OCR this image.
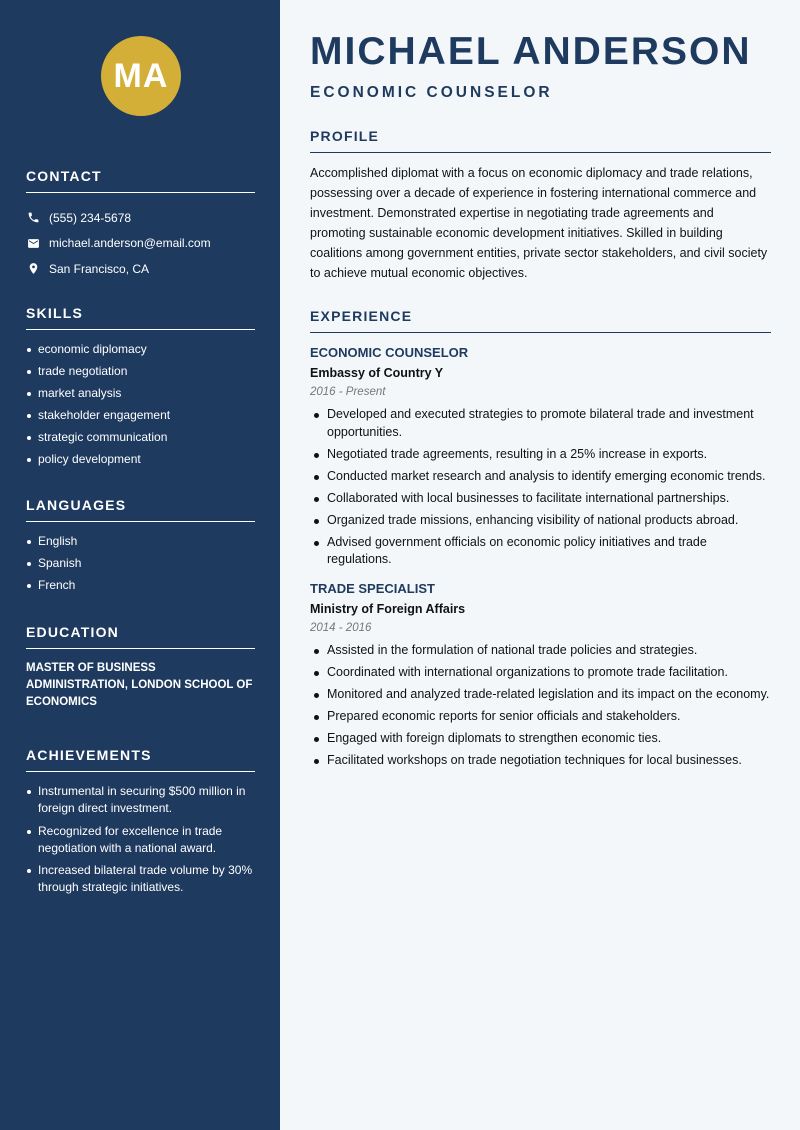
MA
CONTACT
(555) 234-5678
michael.anderson@email.com
San Francisco, CA
SKILLS
economic diplomacy
trade negotiation
market analysis
stakeholder engagement
strategic communication
policy development
LANGUAGES
English
Spanish
French
EDUCATION
MASTER OF BUSINESS ADMINISTRATION, LONDON SCHOOL OF ECONOMICS
ACHIEVEMENTS
Instrumental in securing $500 million in foreign direct investment.
Recognized for excellence in trade negotiation with a national award.
Increased bilateral trade volume by 30% through strategic initiatives.
MICHAEL ANDERSON
ECONOMIC COUNSELOR
PROFILE

Accomplished diplomat with a focus on economic diplomacy and trade relations, possessing over a decade of experience in fostering international commerce and investment. Demonstrated expertise in negotiating trade agreements and promoting sustainable economic development initiatives. Skilled in building coalitions among government entities, private sector stakeholders, and civil society to achieve mutual economic objectives.

EXPERIENCE
ECONOMIC COUNSELOR
Embassy of Country Y
2016 - Present
Developed and executed strategies to promote bilateral trade and investment opportunities.
Negotiated trade agreements, resulting in a 25% increase in exports.
Conducted market research and analysis to identify emerging economic trends.
Collaborated with local businesses to facilitate international partnerships.
Organized trade missions, enhancing visibility of national products abroad.
Advised government officials on economic policy initiatives and trade regulations.
TRADE SPECIALIST
Ministry of Foreign Affairs
2014 - 2016
Assisted in the formulation of national trade policies and strategies.
Coordinated with international organizations to promote trade facilitation.
Monitored and analyzed trade-related legislation and its impact on the economy.
Prepared economic reports for senior officials and stakeholders.
Engaged with foreign diplomats to strengthen economic ties.
Facilitated workshops on trade negotiation techniques for local businesses.
